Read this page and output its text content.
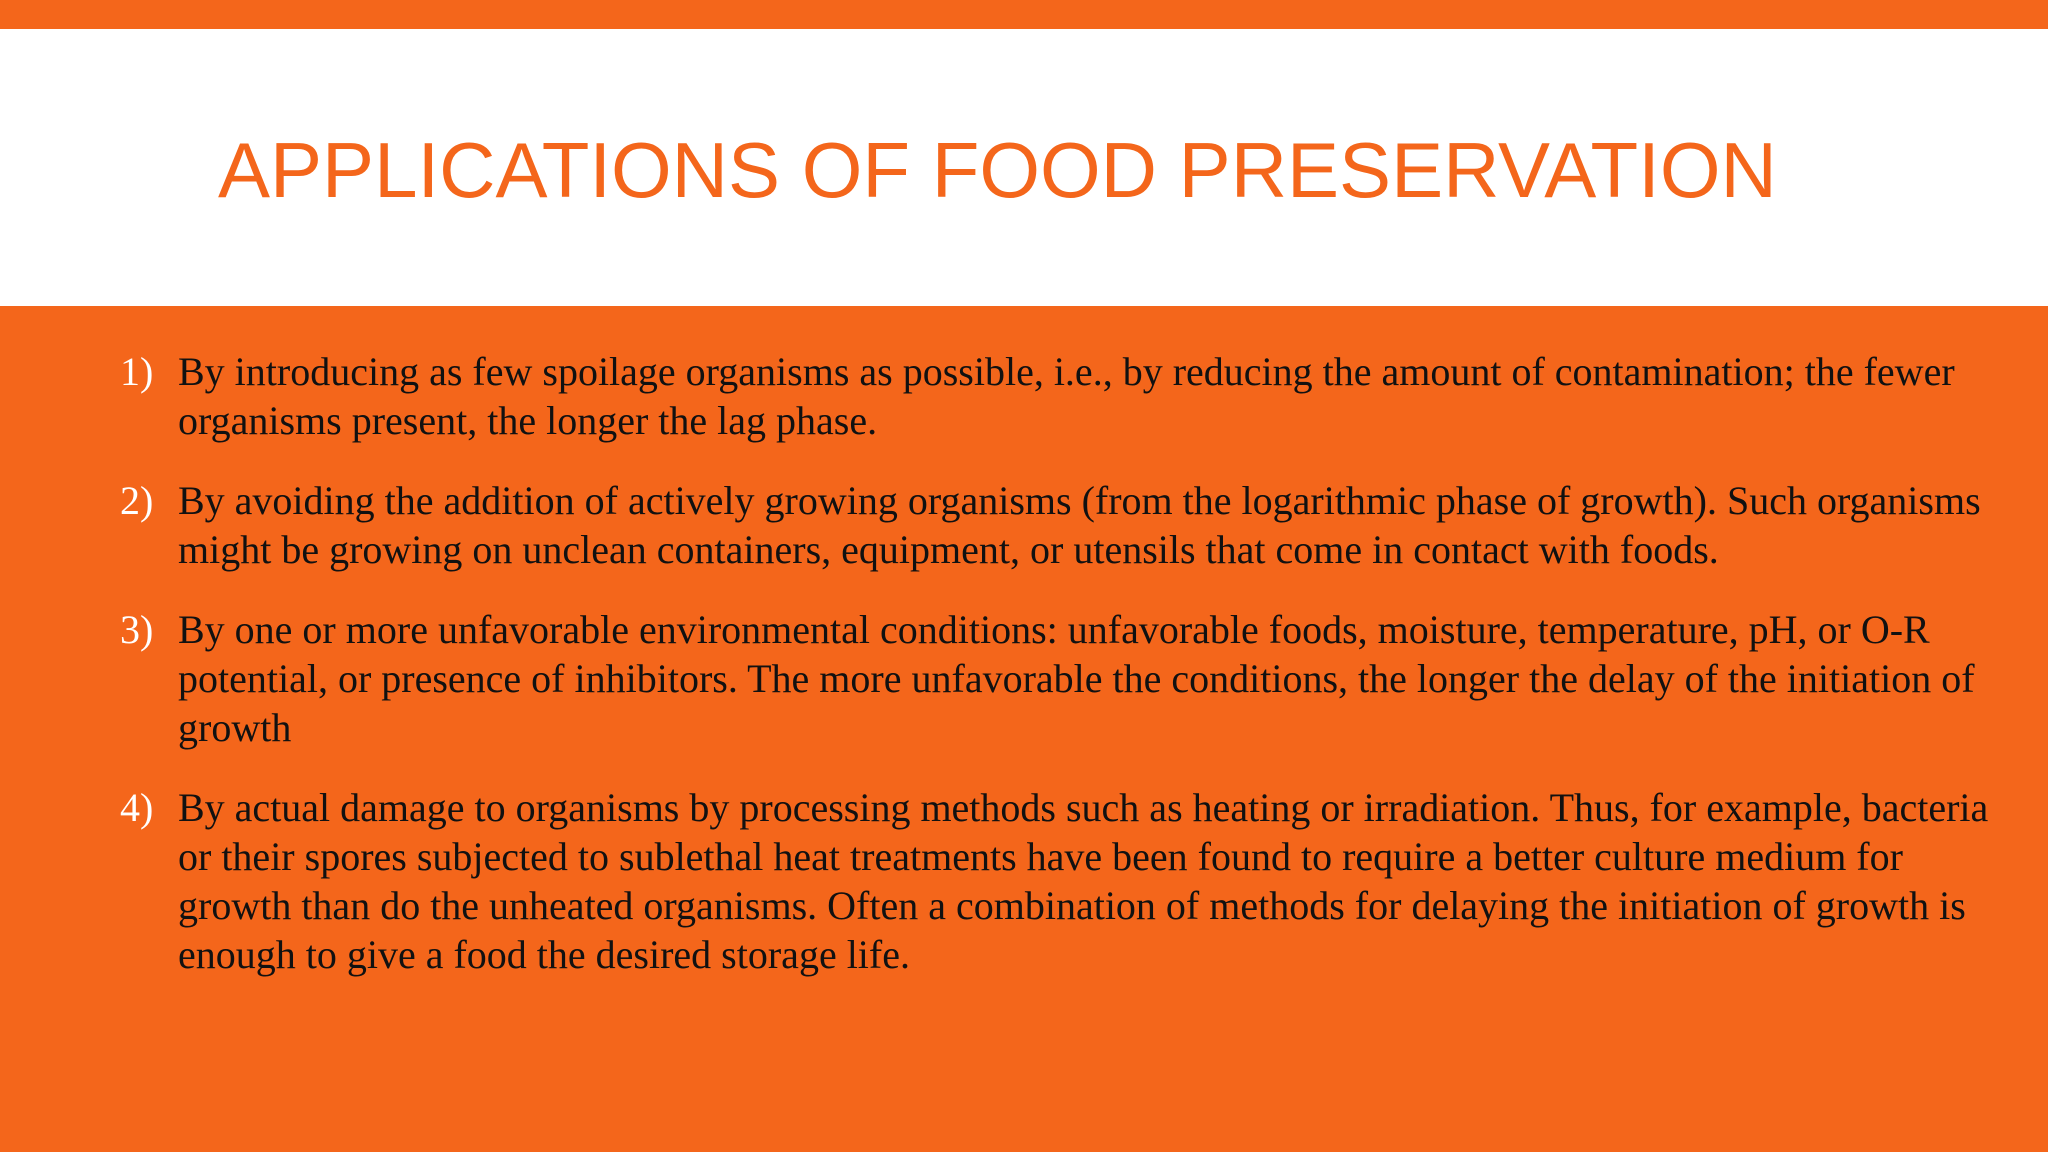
APPLICATIONS OF FOOD PRESERVATION
1) By introducing as few spoilage organisms as possible, i.e., by reducing the amount of contamination; the fewer organisms present, the longer the lag phase.
2) By avoiding the addition of actively growing organisms (from the logarithmic phase of growth). Such organisms might be growing on unclean containers, equipment, or utensils that come in contact with foods.
3) By one or more unfavorable environmental conditions: unfavorable foods, moisture, temperature, pH, or O-R potential, or presence of inhibitors. The more unfavorable the conditions, the longer the delay of the initiation of growth
4) By actual damage to organisms by processing methods such as heating or irradiation. Thus, for example, bacteria or their spores subjected to sublethal heat treatments have been found to require a better culture medium for growth than do the unheated organisms. Often a combination of methods for delaying the initiation of growth is enough to give a food the desired storage life.
